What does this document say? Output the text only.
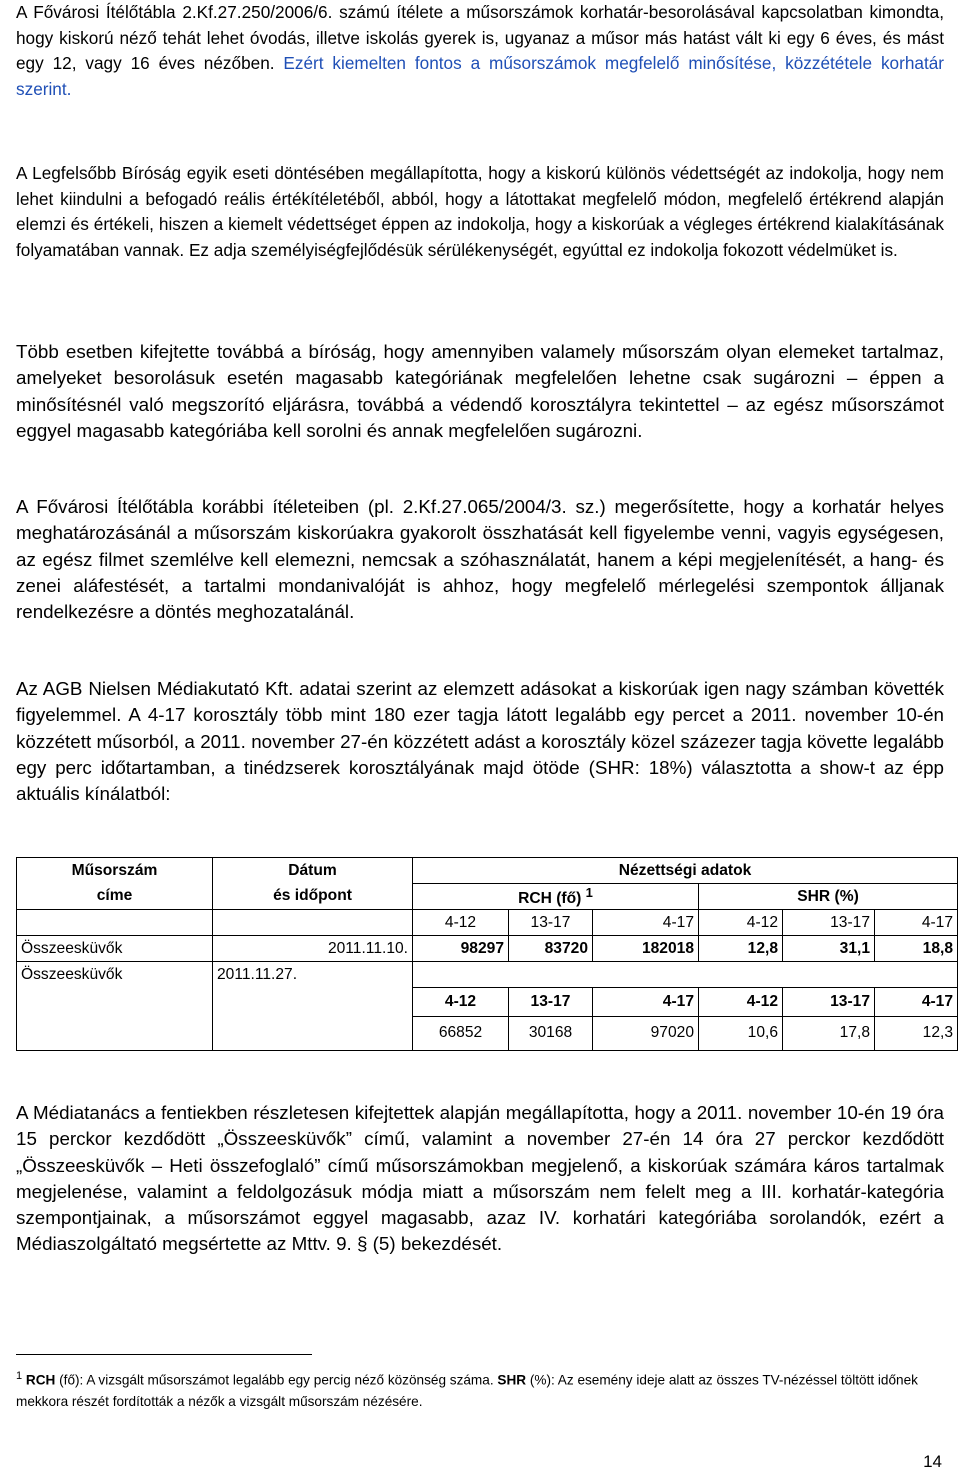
A Fővárosi Ítélőtábla 2.Kf.27.250/2006/6. számú ítélete a műsorszámok korhatár-besorolásával kapcsolatban kimondta, hogy kiskorú néző tehát lehet óvodás, illetve iskolás gyerek is, ugyanaz a műsor más hatást vált ki egy 6 éves, és mást egy 12, vagy 16 éves nézőben. Ezért kiemelten fontos a műsorszámok megfelelő minősítése, közzététele korhatár szerint.

A Legfelsőbb Bíróság egyik eseti döntésében megállapította, hogy a kiskorú különös védettségét az indokolja, hogy nem lehet kiindulni a befogadó reális értékítéletéből, abból, hogy a látottakat megfelelő módon, megfelelő értékrend alapján elemzi és értékeli, hiszen a kiemelt védettséget éppen az indokolja, hogy a kiskorúak a végleges értékrend kialakításának folyamatában vannak. Ez adja személyiségfejlődésük sérülékenységét, egyúttal ez indokolja fokozott védelmüket is.

Több esetben kifejtette továbbá a bíróság, hogy amennyiben valamely műsorszám olyan elemeket tartalmaz, amelyeket besorolásuk esetén magasabb kategóriának megfelelően lehetne csak sugározni – éppen a minősítésnél való megszorító eljárásra, továbbá a védendő korosztályra tekintettel – az egész műsorszámot eggyel magasabb kategóriába kell sorolni és annak megfelelően sugározni.

A Fővárosi Ítélőtábla korábbi ítéleteiben (pl. 2.Kf.27.065/2004/3. sz.) megerősítette, hogy a korhatár helyes meghatározásánál a műsorszám kiskorúakra gyakorolt összhatását kell figyelembe venni, vagyis egységesen, az egész filmet szemlélve kell elemezni, nemcsak a szóhasználatát, hanem a képi megjelenítését, a hang- és zenei aláfestését, a tartalmi mondanivalóját is ahhoz, hogy megfelelő mérlegelési szempontok álljanak rendelkezésre a döntés meghozatalánál.

Az AGB Nielsen Médiakutató Kft. adatai szerint az elemzett adásokat a kiskorúak igen nagy számban követték figyelemmel. A 4-17 korosztály több mint 180 ezer tagja látott legalább egy percet a 2011. november 10-én közzétett műsorból, a 2011. november 27-én közzétett adást a korosztály közel százezer tagja követte legalább egy perc időtartamban, a tinédzserek korosztályának majd ötöde (SHR: 18%) választotta a show-t az épp aktuális kínálatból:

A Médiatanács a fentiekben részletesen kifejtettek alapján megállapította, hogy a 2011. november 10-én 19 óra 15 perckor kezdődött „Összeesküvők” című, valamint a november 27-én 14 óra 27 perckor kezdődött „Összeesküvők – Heti összefoglaló” című műsorszámokban megjelenő, a kiskorúak számára káros tartalmak megjelenése, valamint a feldolgozásuk módja miatt a műsorszám nem felelt meg a III. korhatár-kategória szempontjainak, a műsorszámot eggyel magasabb, azaz IV. korhatári kategóriába sorolandók, ezért a Médiaszolgáltató megsértette az Mttv. 9. § (5) bekezdését.

Műsorszám	Dátum	Nézettségi adatok					
címe	és időpont	RCH (fő) $^1$			SHR (%)		
		4-12	13-17	4-17	4-12	13-17	4-17
Összeesküvők	2011.11.10.	98297	83720	182018	12,8	31,1	18,8
Összeesküvők	2011.11.27.						
		4-12	13-17	4-17	4-12	13-17	4-17
		66852	30168	97020	10,6	17,8	12,3
$^1$ RCH (fő): A vizsgált műsorszámot legalább egy percig néző közönség száma. SHR (%): Az esemény ideje alatt az összes TV-nézéssel töltött időnek mekkora részét fordították a nézők a vizsgált műsorszám nézésére.
14
